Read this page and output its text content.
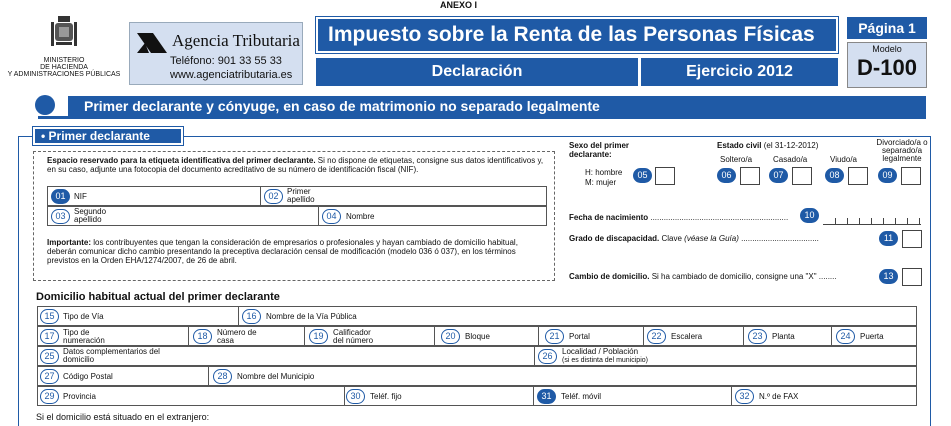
ANEXO I
MINISTERIO
DE HACIENDA
Y ADMINISTRACIONES PÚBLICAS
Agencia Tributaria
Teléfono: 901 33 55 33
www.agenciatributaria.es
Impuesto sobre la Renta de las Personas Físicas
Declaración	Ejercicio 2012
Página 1
Modelo
D-100
Primer declarante y cónyuge, en caso de matrimonio no separado legalmente
• Primer declarante
Espacio reservado para la etiqueta identificativa del primer declarante. Si no dispone de etiquetas, consigne sus datos identificativos y, en su caso, adjunte una fotocopia del documento acreditativo de su número de identificación fiscal (NIF).
01	NIF	02	Primer apellido
03	Segundo apellido	04	Nombre
Importante: los contribuyentes que tengan la consideración de empresarios o profesionales y hayan cambiado de domicilio habitual, deberán comunicar dicho cambio presentando la preceptiva declaración censal de modificación (modelo 036 ó 037), en los términos previstos en la Orden EHA/1274/2007, de 26 de abril.
Sexo del primer declarante:
H: hombre
M: mujer
05
Estado civil (el 31-12-2012)
Soltero/a
06
Casado/a
07
Viudo/a
08
Divorciado/a o separado/a legalmente
09
Fecha de nacimiento ..............................................................	10
Grado de discapacidad. Clave (véase la Guía) ...................................	11
Cambio de domicilio. Si ha cambiado de domicilio, consigne una "X" ........	13
Domicilio habitual actual del primer declarante
15	Tipo de Vía	16	Nombre de la Vía Pública
17	Tipo de numeración	18	Número de casa	19	Calificador del número	20	Bloque	21	Portal	22	Escalera	23	Planta	24	Puerta
25	Datos complementarios del domicilio	26	Localidad / Población
(si es distinta del municipio)
27	Código Postal	28	Nombre del Municipio
29	Provincia	30	Teléf. fijo	31	Teléf. móvil	32	N.º de FAX
Si el domicilio está situado en el extranjero:
